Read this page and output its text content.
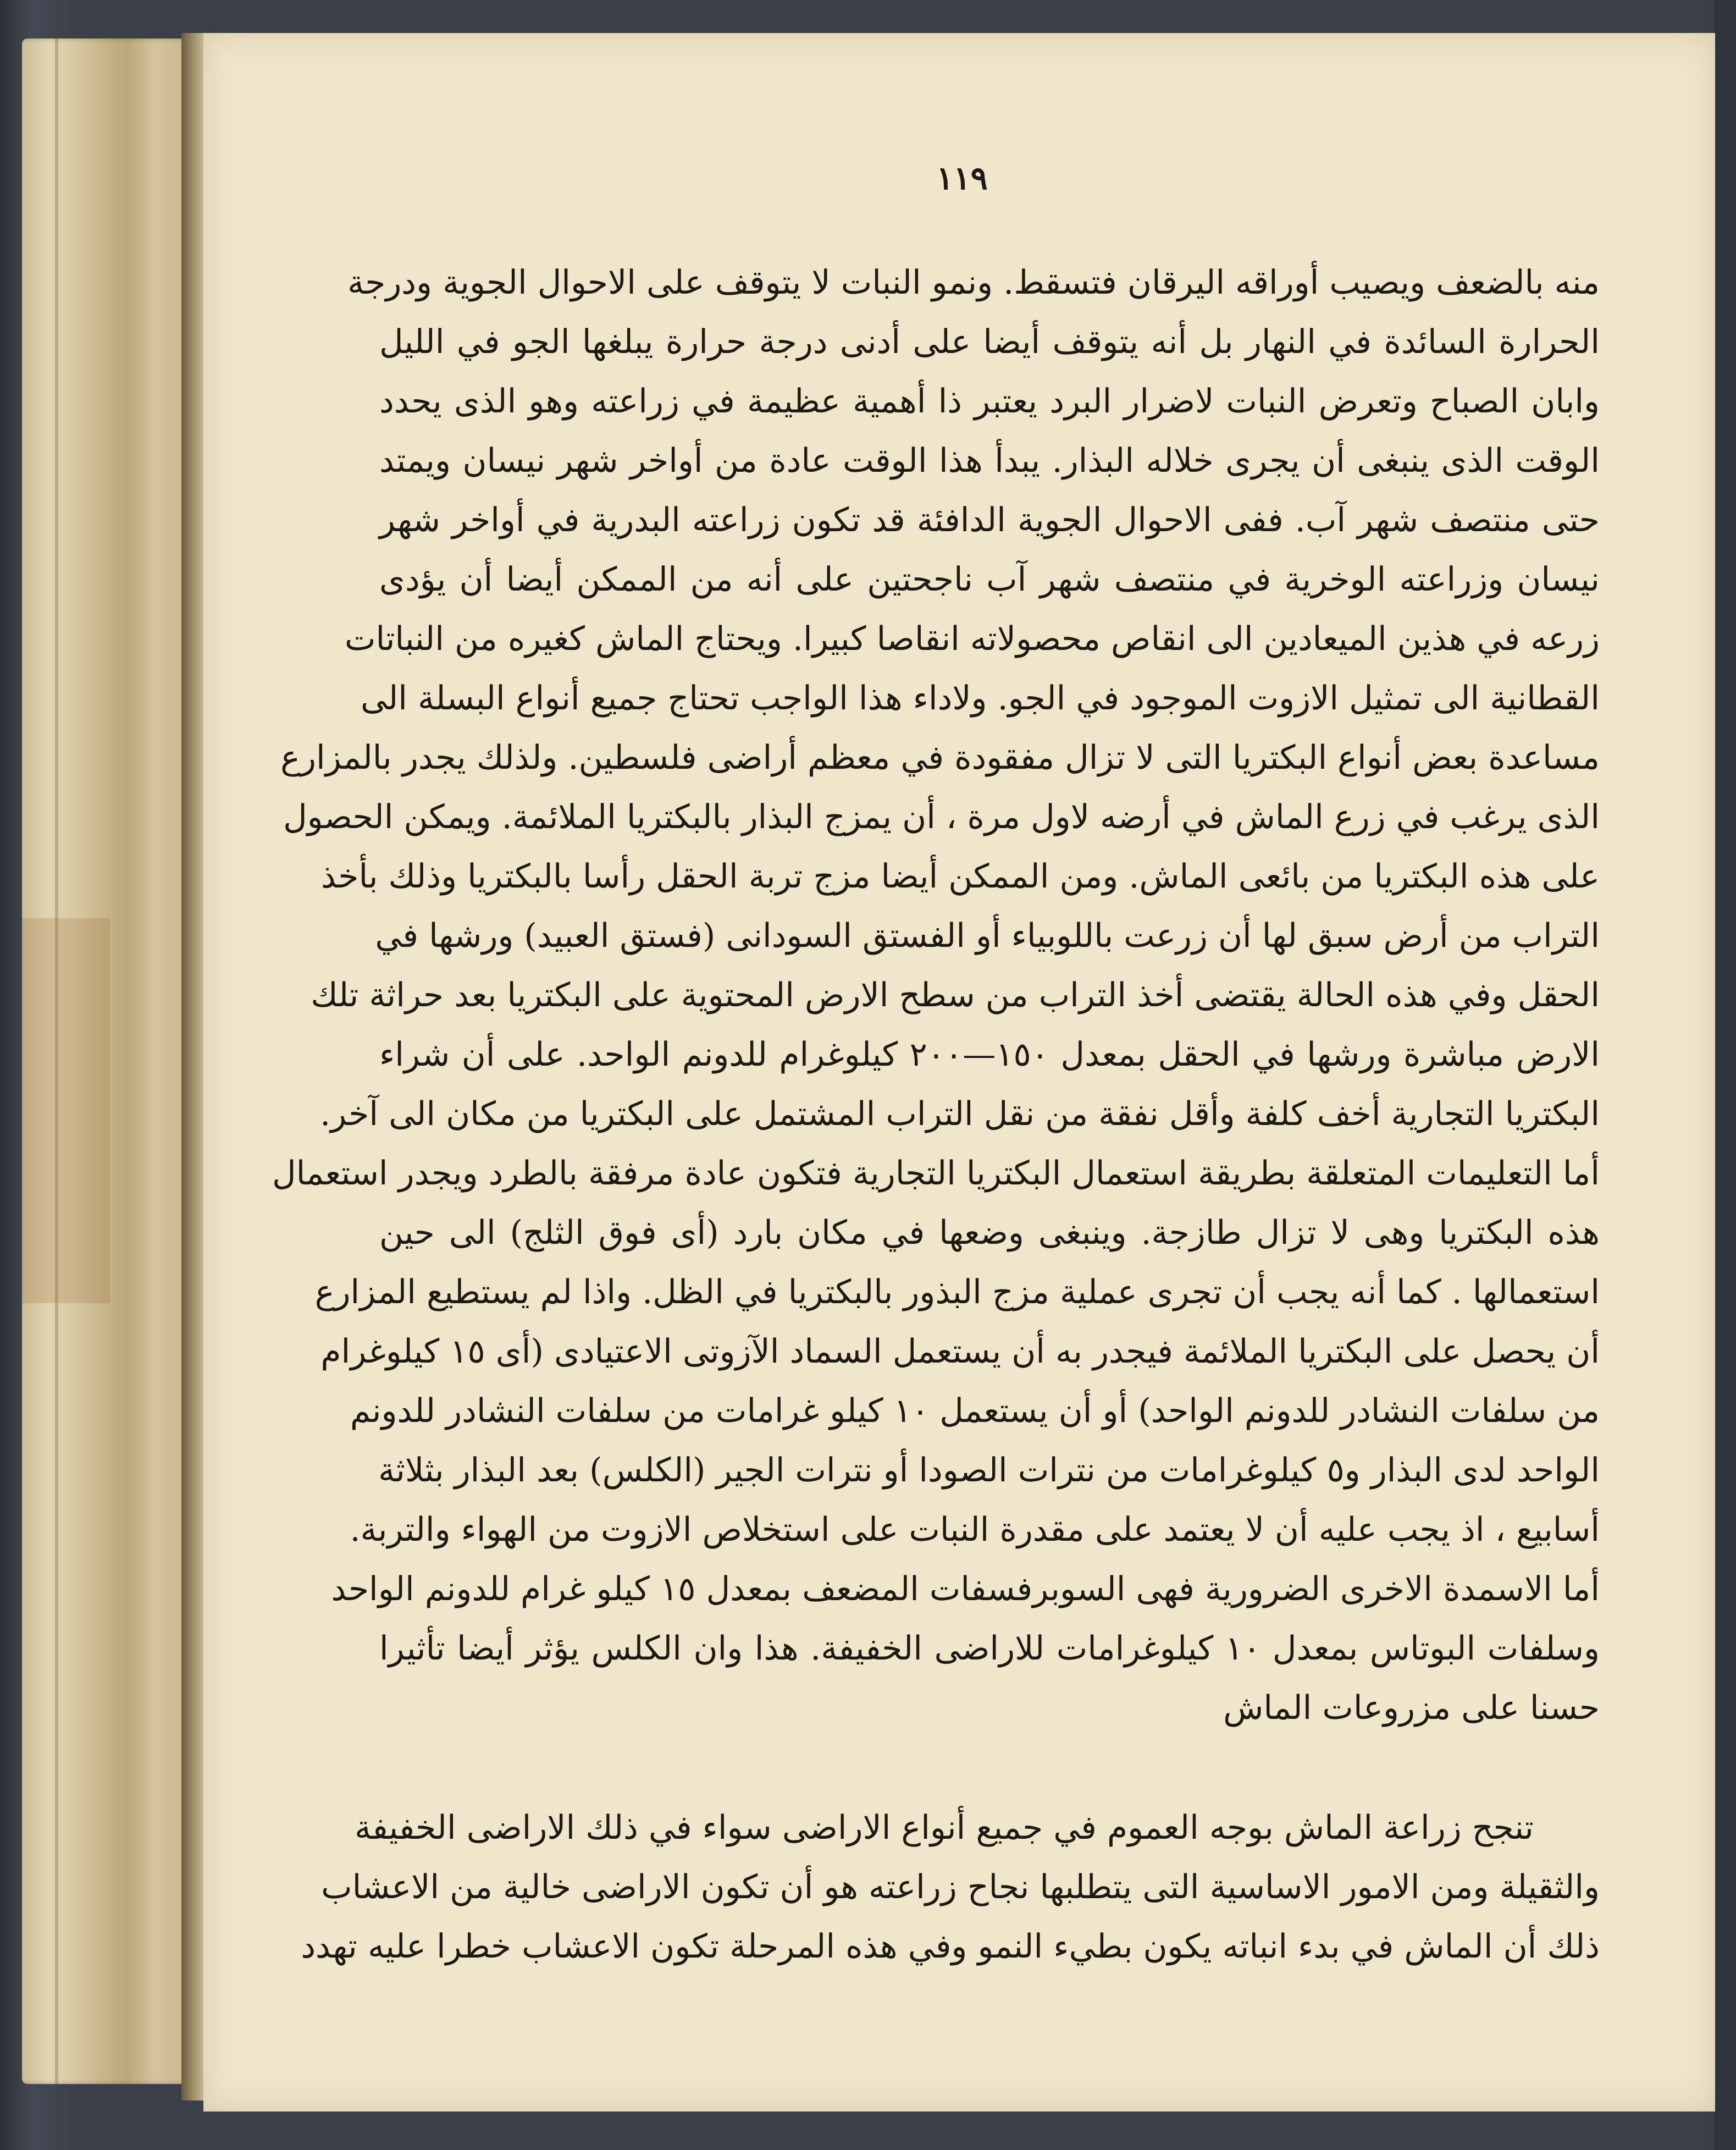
١١٩
منه بالضعف ويصيب أوراقه اليرقان فتسقط. ونمو النبات لا يتوقف على الاحوال الجوية ودرجة
الحرارة السائدة في النهار بل أنه يتوقف أيضا على أدنى درجة حرارة يبلغها الجو في الليل
وابان الصباح وتعرض النبات لاضرار البرد يعتبر ذا أهمية عظيمة في زراعته وهو الذى يحدد
الوقت الذى ينبغى أن يجرى خلاله البذار. يبدأ هذا الوقت عادة من أواخر شهر نيسان ويمتد
حتى منتصف شهر آب. ففى الاحوال الجوية الدافئة قد تكون زراعته البدرية في أواخر شهر
نيسان وزراعته الوخرية في منتصف شهر آب ناجحتين على أنه من الممكن أيضا أن يؤدى
زرعه في هذين الميعادين الى انقاص محصولاته انقاصا كبيرا. ويحتاج الماش كغيره من النباتات
القطانية الى تمثيل الازوت الموجود في الجو. ولاداء هذا الواجب تحتاج جميع أنواع البسلة الى
مساعدة بعض أنواع البكتريا التى لا تزال مفقودة في معظم أراضى فلسطين. ولذلك يجدر بالمزارع
الذى يرغب في زرع الماش في أرضه لاول مرة ، أن يمزج البذار بالبكتريا الملائمة. ويمكن الحصول
على هذه البكتريا من بائعى الماش. ومن الممكن أيضا مزج تربة الحقل رأسا بالبكتريا وذلك بأخذ
التراب من أرض سبق لها أن زرعت باللوبياء أو الفستق السودانى (فستق العبيد) ورشها في
الحقل وفي هذه الحالة يقتضى أخذ التراب من سطح الارض المحتوية على البكتريا بعد حراثة تلك
الارض مباشرة ورشها في الحقل بمعدل ١٥٠—٢٠٠ كيلوغرام للدونم الواحد. على أن شراء
البكتريا التجارية أخف كلفة وأقل نفقة من نقل التراب المشتمل على البكتريا من مكان الى آخر.
أما التعليمات المتعلقة بطريقة استعمال البكتريا التجارية فتكون عادة مرفقة بالطرد ويجدر استعمال
هذه البكتريا وهى لا تزال طازجة. وينبغى وضعها في مكان بارد (أى فوق الثلج) الى حين
استعمالها . كما أنه يجب أن تجرى عملية مزج البذور بالبكتريا في الظل. واذا لم يستطيع المزارع
أن يحصل على البكتريا الملائمة فيجدر به أن يستعمل السماد الآزوتى الاعتيادى (أى ١٥ كيلوغرام
من سلفات النشادر للدونم الواحد) أو أن يستعمل ١٠ كيلو غرامات من سلفات النشادر للدونم
الواحد لدى البذار و٥ كيلوغرامات من نترات الصودا أو نترات الجير (الكلس) بعد البذار بثلاثة
أسابيع ، اذ يجب عليه أن لا يعتمد على مقدرة النبات على استخلاص الازوت من الهواء والتربة.
أما الاسمدة الاخرى الضرورية فهى السوبرفسفات المضعف بمعدل ١٥ كيلو غرام للدونم الواحد
وسلفات البوتاس بمعدل ١٠ كيلوغرامات للاراضى الخفيفة. هذا وان الكلس يؤثر أيضا تأثيرا
حسنا على مزروعات الماش
تنجح زراعة الماش بوجه العموم في جميع أنواع الاراضى سواء في ذلك الاراضى الخفيفة
والثقيلة ومن الامور الاساسية التى يتطلبها نجاح زراعته هو أن تكون الاراضى خالية من الاعشاب
ذلك أن الماش في بدء انباته يكون بطيء النمو وفي هذه المرحلة تكون الاعشاب خطرا عليه تهدد
